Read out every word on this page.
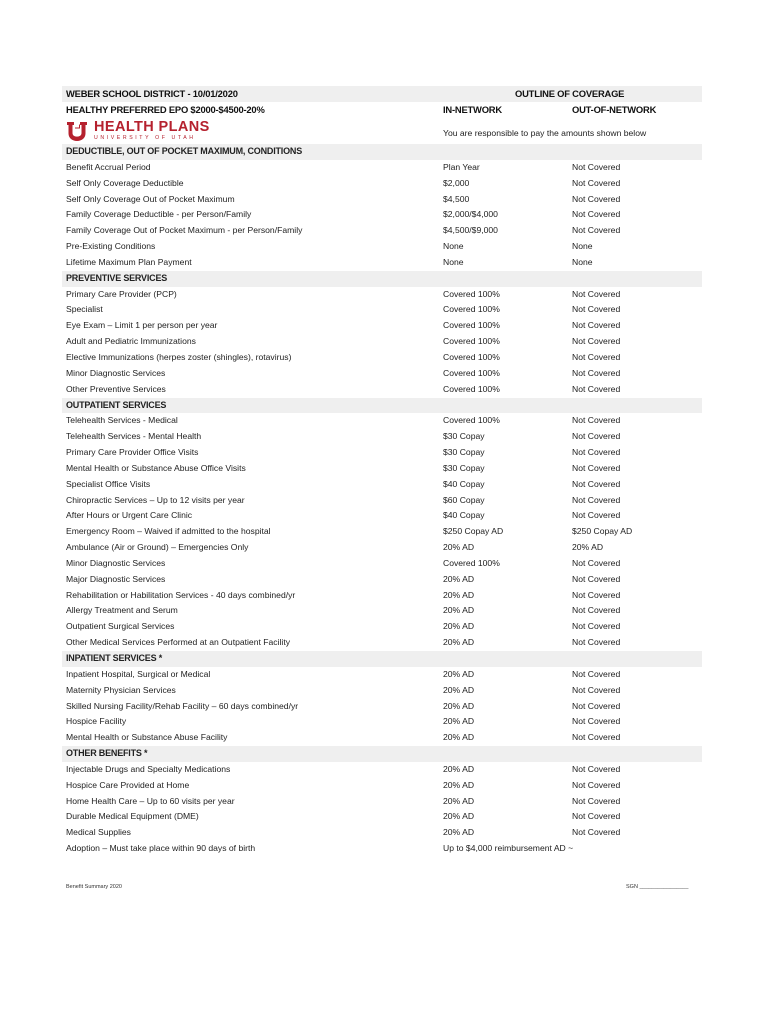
WEBER SCHOOL DISTRICT - 10/01/2020	OUTLINE OF COVERAGE
HEALTHY PREFERRED EPO $2000-$4500-20%	IN-NETWORK	OUT-OF-NETWORK
HEALTH PLANS
UNIVERSITY OF UTAH	You are responsible to pay the amounts shown below
DEDUCTIBLE, OUT OF POCKET MAXIMUM, CONDITIONS
Benefit Accrual Period	Plan Year	Not Covered
Self Only Coverage Deductible	$2,000	Not Covered
Self Only Coverage Out of Pocket Maximum	$4,500	Not Covered
Family Coverage Deductible - per Person/Family	$2,000/$4,000	Not Covered
Family Coverage Out of Pocket Maximum - per Person/Family	$4,500/$9,000	Not Covered
Pre-Existing Conditions	None	None
Lifetime Maximum Plan Payment	None	None
PREVENTIVE SERVICES
Primary Care Provider (PCP)	Covered 100%	Not Covered
Specialist	Covered 100%	Not Covered
Eye Exam – Limit 1 per person per year	Covered 100%	Not Covered
Adult and Pediatric Immunizations	Covered 100%	Not Covered
Elective Immunizations (herpes zoster (shingles), rotavirus)	Covered 100%	Not Covered
Minor Diagnostic Services	Covered 100%	Not Covered
Other Preventive Services	Covered 100%	Not Covered
OUTPATIENT SERVICES
Telehealth Services - Medical	Covered 100%	Not Covered
Telehealth Services - Mental Health	$30 Copay	Not Covered
Primary Care Provider Office Visits	$30 Copay	Not Covered
Mental Health or Substance Abuse Office Visits	$30 Copay	Not Covered
Specialist Office Visits	$40 Copay	Not Covered
Chiropractic Services – Up to 12 visits per year	$60 Copay	Not Covered
After Hours or Urgent Care Clinic	$40 Copay	Not Covered
Emergency Room – Waived if admitted to the hospital	$250 Copay AD	$250 Copay AD
Ambulance (Air or Ground) – Emergencies Only	20% AD	20% AD
Minor Diagnostic Services	Covered 100%	Not Covered
Major Diagnostic Services	20% AD	Not Covered
Rehabilitation or Habilitation Services - 40 days combined/yr	20% AD	Not Covered
Allergy Treatment and Serum	20% AD	Not Covered
Outpatient Surgical Services	20% AD	Not Covered
Other Medical Services Performed at an Outpatient Facility	20% AD	Not Covered
INPATIENT SERVICES *
Inpatient Hospital, Surgical or Medical	20% AD	Not Covered
Maternity Physician Services	20% AD	Not Covered
Skilled Nursing Facility/Rehab Facility – 60 days combined/yr	20% AD	Not Covered
Hospice Facility	20% AD	Not Covered
Mental Health or Substance Abuse Facility	20% AD	Not Covered
OTHER BENEFITS *
Injectable Drugs and Specialty Medications	20% AD	Not Covered
Hospice Care Provided at Home	20% AD	Not Covered
Home Health Care – Up to 60 visits per year	20% AD	Not Covered
Durable Medical Equipment (DME)	20% AD	Not Covered
Medical Supplies	20% AD	Not Covered
Adoption – Must take place within 90 days of birth	Up to $4,000 reimbursement AD ~
Benefit Summary 2020	SGN ________________
